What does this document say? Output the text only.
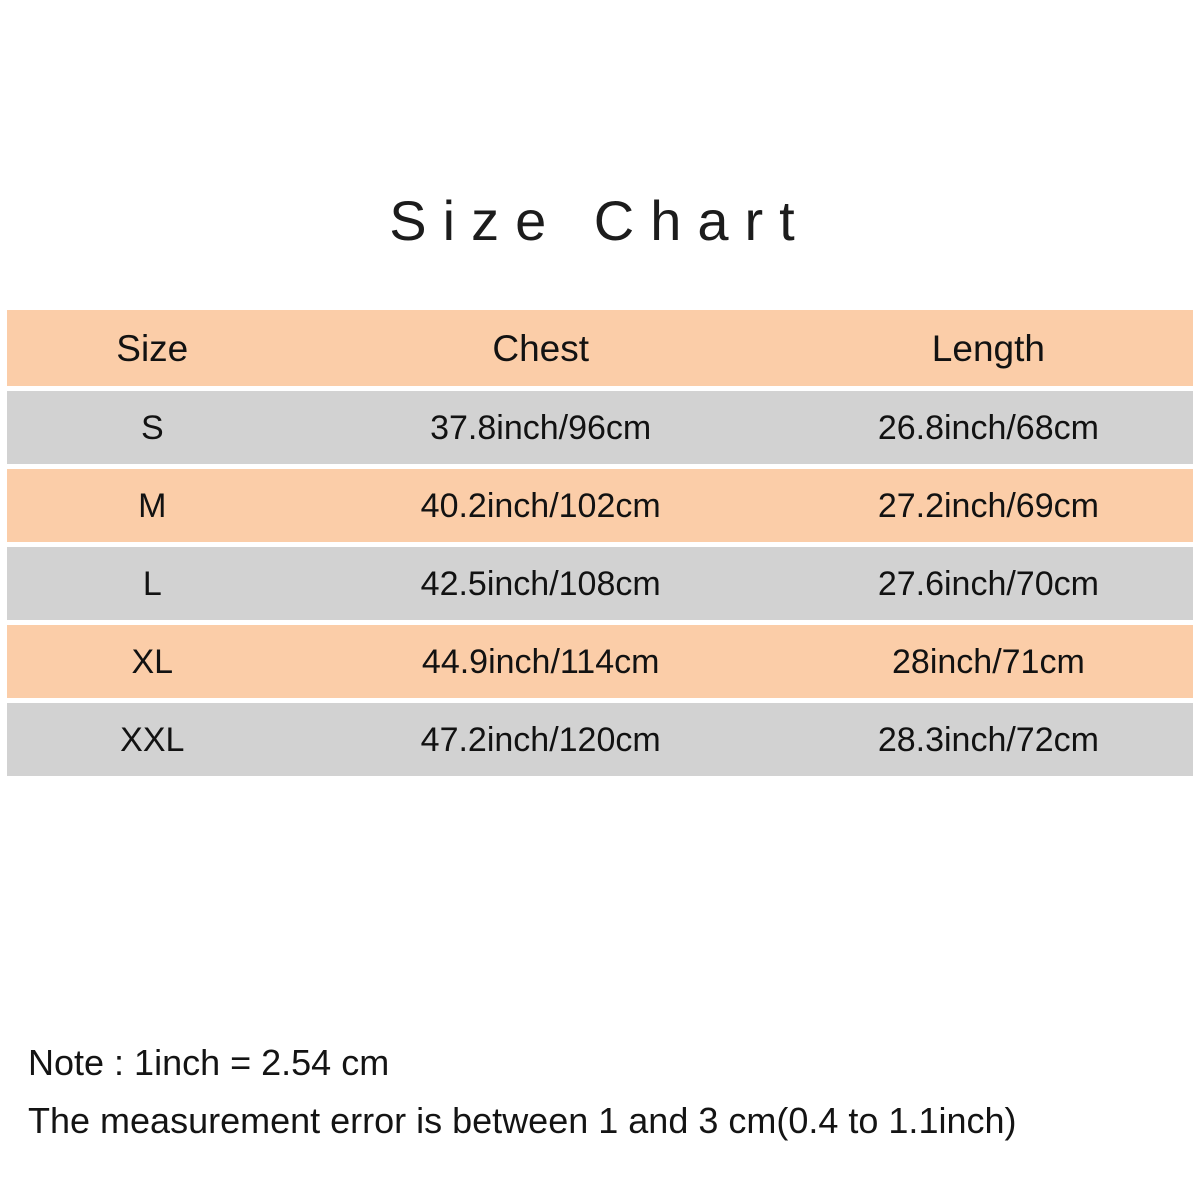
Size Chart
Size	Chest	Length
S	37.8inch/96cm	26.8inch/68cm
M	40.2inch/102cm	27.2inch/69cm
L	42.5inch/108cm	27.6inch/70cm
XL	44.9inch/114cm	28inch/71cm
XXL	47.2inch/120cm	28.3inch/72cm
Note : 1inch = 2.54 cm
The measurement error is between 1 and 3 cm(0.4 to 1.1inch)
